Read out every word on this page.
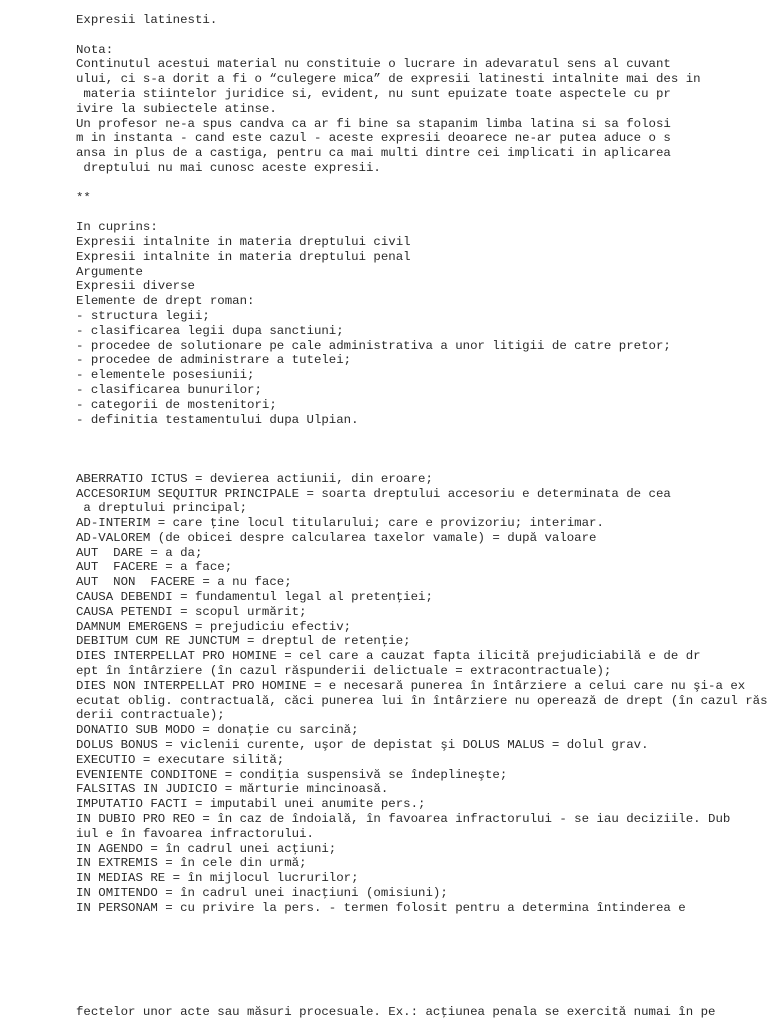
Expresii latinesti.
Nota:
Continutul acestui material nu constituie o lucrare in adevaratul sens al cuvant
ului, ci s-a dorit a fi o “culegere mica” de expresii latinesti intalnite mai des in
materia stiintelor juridice si, evident, nu sunt epuizate toate aspectele cu pr
ivire la subiectele atinse.
Un profesor ne-a spus candva ca ar fi bine sa stapanim limba latina si sa folosi
m in instanta - cand este cazul - aceste expresii deoarece ne-ar putea aduce o s
ansa in plus de a castiga, pentru ca mai multi dintre cei implicati in aplicarea
dreptului nu mai cunosc aceste expresii.
**
In cuprins:
Expresii intalnite in materia dreptului civil
Expresii intalnite in materia dreptului penal
Argumente
Expresii diverse
Elemente de drept roman:
- structura legii;
- clasificarea legii dupa sanctiuni;
- procedee de solutionare pe cale administrativa a unor litigii de catre pretor;
- procedee de administrare a tutelei;
- elementele posesiunii;
- clasificarea bunurilor;
- categorii de mostenitori;
- definitia testamentului dupa Ulpian.
ABERRATIO ICTUS = devierea actiunii, din eroare;
ACCESORIUM SEQUITUR PRINCIPALE = soarta dreptului accesoriu e determinata de cea
a dreptului principal;
AD-INTERIM = care ţine locul titularului; care e provizoriu; interimar.
AD-VALOREM (de obicei despre calcularea taxelor vamale) = după valoare
AUT  DARE = a da;
AUT  FACERE = a face;
AUT  NON  FACERE = a nu face;
CAUSA DEBENDI = fundamentul legal al pretenţiei;
CAUSA PETENDI = scopul urmărit;
DAMNUM EMERGENS = prejudiciu efectiv;
DEBITUM CUM RE JUNCTUM = dreptul de retenţie;
DIES INTERPELLAT PRO HOMINE = cel care a cauzat fapta ilicită prejudiciabilă e de dr
ept în întârziere (în cazul răspunderii delictuale = extracontractuale);
DIES NON INTERPELLAT PRO HOMINE = e necesară punerea în întârziere a celui care nu şi-a ex
ecutat oblig. contractuală, căci punerea lui în întârziere nu operează de drept (în cazul răs
derii contractuale);
DONATIO SUB MODO = donaţie cu sarcină;
DOLUS BONUS = viclenii curente, uşor de depistat şi DOLUS MALUS = dolul grav.
EXECUTIO = executare silită;
EVENIENTE CONDITONE = condiţia suspensivă se îndeplineşte;
FALSITAS IN JUDICIO = mărturie mincinoasă.
IMPUTATIO FACTI = imputabil unei anumite pers.;
IN DUBIO PRO REO = în caz de îndoială, în favoarea infractorului - se iau deciziile. Dub
iul e în favoarea infractorului.
IN AGENDO = în cadrul unei acţiuni;
IN EXTREMIS = în cele din urmă;
IN MEDIAS RE = în mijlocul lucrurilor;
IN OMITENDO = în cadrul unei inacţiuni (omisiuni);
IN PERSONAM = cu privire la pers. - termen folosit pentru a determina întinderea e
fectelor unor acte sau măsuri procesuale. Ex.: acţiunea penala se exercită numai în pe
